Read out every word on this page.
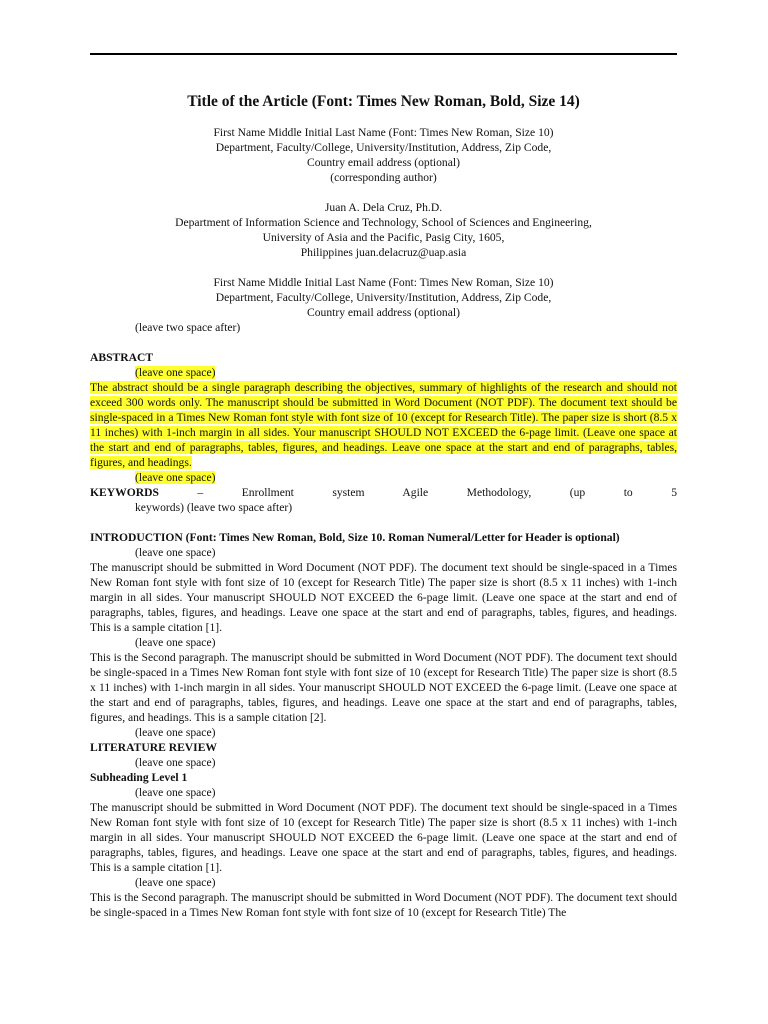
Title of the Article (Font: Times New Roman, Bold, Size 14)
First Name Middle Initial Last Name (Font: Times New Roman, Size 10)
Department, Faculty/College, University/Institution, Address, Zip Code,
Country email address (optional)
(corresponding author)
Juan A. Dela Cruz, Ph.D.
Department of Information Science and Technology, School of Sciences and Engineering,
University of Asia and the Pacific, Pasig City, 1605,
Philippines juan.delacruz@uap.asia
First Name Middle Initial Last Name (Font: Times New Roman, Size 10)
Department, Faculty/College, University/Institution, Address, Zip Code,
Country email address (optional)
(leave two space after)
ABSTRACT
(leave one space)

The abstract should be a single paragraph describing the objectives, summary of highlights of the research and should not exceed 300 words only. The manuscript should be submitted in Word Document (NOT PDF). The document text should be single-spaced in a Times New Roman font style with font size of 10 (except for Research Title). The paper size is short (8.5 x 11 inches) with 1-inch margin in all sides. Your manuscript SHOULD NOT EXCEED the 6-page limit. (Leave one space at the start and end of paragraphs, tables, figures, and headings. Leave one space at the start and end of paragraphs, tables, figures, and headings.

(leave one space)
KEYWORDS – Enrollment system Agile Methodology, (up to 5
keywords) (leave two space after)
INTRODUCTION (Font: Times New Roman, Bold, Size 10. Roman Numeral/Letter for Header is optional)
(leave one space)

The manuscript should be submitted in Word Document (NOT PDF). The document text should be single-spaced in a Times New Roman font style with font size of 10 (except for Research Title) The paper size is short (8.5 x 11 inches) with 1-inch margin in all sides. Your manuscript SHOULD NOT EXCEED the 6-page limit. (Leave one space at the start and end of paragraphs, tables, figures, and headings. Leave one space at the start and end of paragraphs, tables, figures, and headings. This is a sample citation [1].

(leave one space)

This is the Second paragraph. The manuscript should be submitted in Word Document (NOT PDF). The document text should be single-spaced in a Times New Roman font style with font size of 10 (except for Research Title) The paper size is short (8.5 x 11 inches) with 1-inch margin in all sides. Your manuscript SHOULD NOT EXCEED the 6-page limit. (Leave one space at the start and end of paragraphs, tables, figures, and headings. Leave one space at the start and end of paragraphs, tables, figures, and headings. This is a sample citation [2].

(leave one space)
LITERATURE REVIEW
(leave one space)
Subheading Level 1
(leave one space)

The manuscript should be submitted in Word Document (NOT PDF). The document text should be single-spaced in a Times New Roman font style with font size of 10 (except for Research Title) The paper size is short (8.5 x 11 inches) with 1-inch margin in all sides. Your manuscript SHOULD NOT EXCEED the 6-page limit. (Leave one space at the start and end of paragraphs, tables, figures, and headings. Leave one space at the start and end of paragraphs, tables, figures, and headings. This is a sample citation [1].

(leave one space)

This is the Second paragraph. The manuscript should be submitted in Word Document (NOT PDF). The document text should be single-spaced in a Times New Roman font style with font size of 10 (except for Research Title) The
